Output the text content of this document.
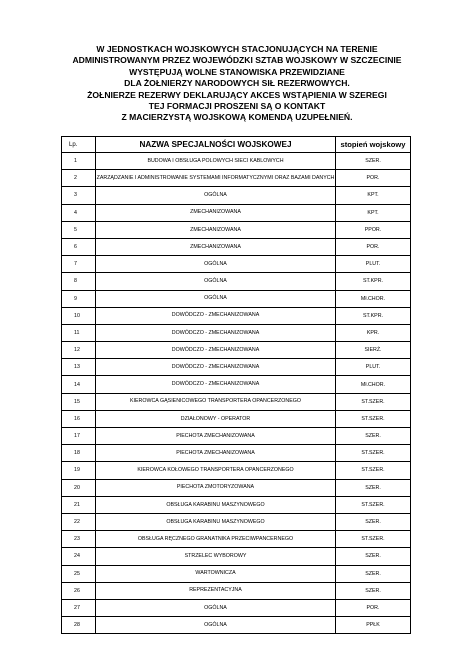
W JEDNOSTKACH WOJSKOWYCH STACJONUJĄCYCH NA TERENIE
ADMINISTROWANYM PRZEZ WOJEWÓDZKI SZTAB WOJSKOWY W SZCZECINIE
WYSTĘPUJĄ WOLNE STANOWISKA PRZEWIDZIANE
DLA ŻOŁNIERZY NARODOWYCH SIŁ REZERWOWYCH.
ŻOŁNIERZE REZERWY DEKLARUJĄCY AKCES WSTĄPIENIA W SZEREGI
TEJ FORMACJI PROSZENI SĄ O KONTAKT
Z MACIERZYSTĄ WOJSKOWĄ KOMENDĄ UZUPEŁNIEŃ.
Lp.	NAZWA SPECJALNOŚCI WOJSKOWEJ	stopień wojskowy
1	BUDOWA I OBSŁUGA POLOWYCH SIECI KABLOWYCH	SZER.
2	ZARZĄDZANIE I ADMINISTROWANIE SYSTEMAMI INFORMATYCZNYMI ORAZ BAZAMI DANYCH	POR.
3	OGÓLNA	KPT.
4	ZMECHANIZOWANA	KPT.
5	ZMECHANIZOWANA	PPOR.
6	ZMECHANIZOWANA	POR.
7	OGÓLNA	PLUT.
8	OGÓLNA	ST.KPR.
9	OGÓLNA	Mł.CHOR.
10	DOWÓDCZO - ZMECHANIZOWANA	ST.KPR.
11	DOWÓDCZO - ZMECHANIZOWANA	KPR.
12	DOWÓDCZO - ZMECHANIZOWANA	SIERŻ.
13	DOWÓDCZO - ZMECHANIZOWANA	PLUT.
14	DOWÓDCZO - ZMECHANIZOWANA	Mł.CHOR.
15	KIEROWCA GĄSIENICOWEGO TRANSPORTERA OPANCERZONEGO	ST.SZER.
16	DZIAŁONOWY - OPERATOR	ST.SZER.
17	PIECHOTA ZMECHANIZOWANA	SZER.
18	PIECHOTA ZMECHANIZOWANA	ST.SZER.
19	KIEROWCA KOŁOWEGO TRANSPORTERA OPANCERZONEGO	ST.SZER.
20	PIECHOTA ZMOTORYZOWANA	SZER.
21	OBSŁUGA KARABINU MASZYNOWEGO	ST.SZER.
22	OBSŁUGA KARABINU MASZYNOWEGO	SZER.
23	OBSŁUGA RĘCZNEGO GRANATNIKA PRZECIWPANCERNEGO	ST.SZER.
24	STRZELEC WYBOROWY	SZER.
25	WARTOWNICZA	SZER.
26	REPREZENTACYJNA	SZER.
27	OGÓLNA	POR.
28	OGÓLNA	PPŁK
